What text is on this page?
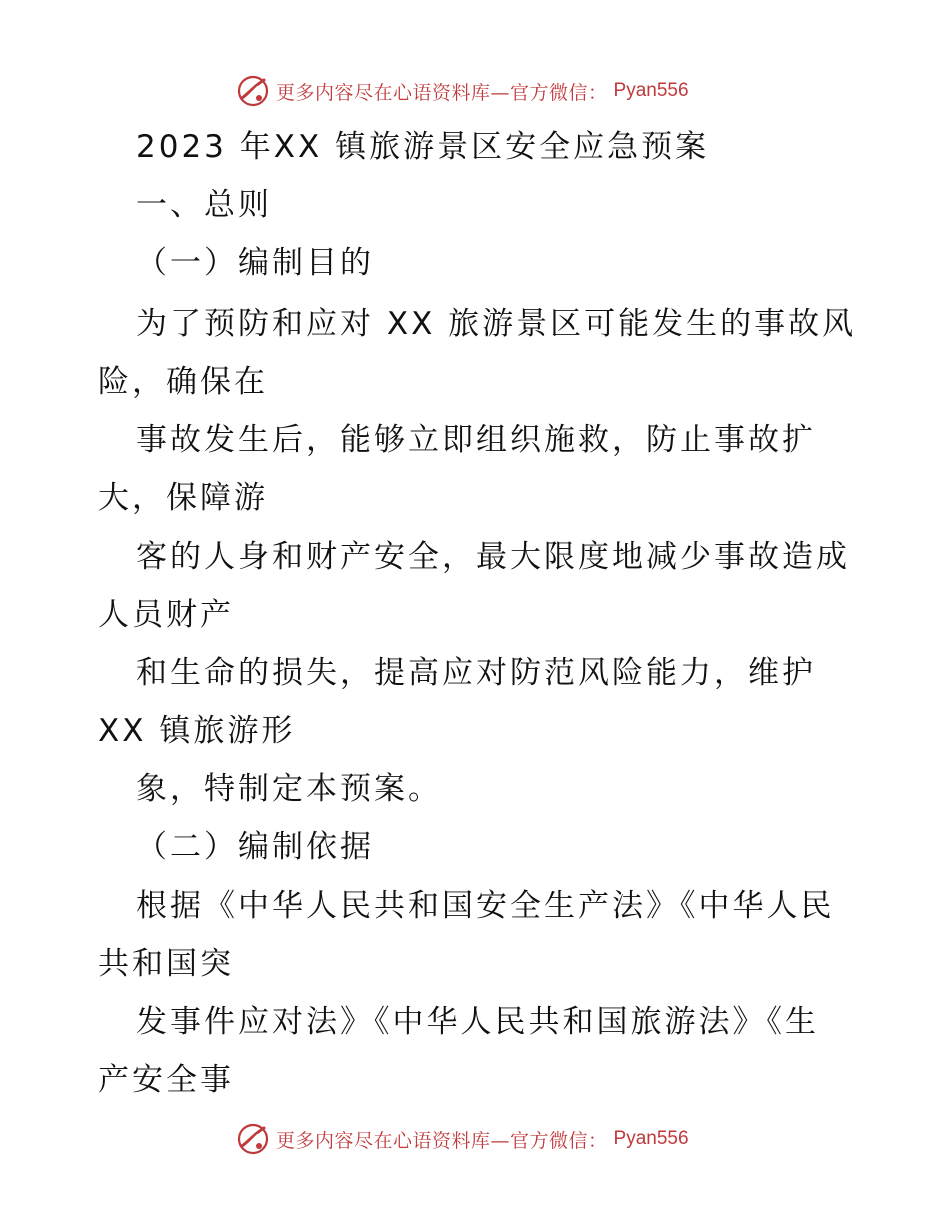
更多内容尽在心语资料库—官方微信： Pyan556
2023 年XX 镇旅游景区安全应急预案
一、总则
（一）编制目的
为了预防和应对 XX 旅游景区可能发生的事故风
险，确保在
事故发生后，能够立即组织施救，防止事故扩
大，保障游
客的人身和财产安全，最大限度地减少事故造成
人员财产
和生命的损失，提高应对防范风险能力，维护
XX 镇旅游形
象，特制定本预案。
（二）编制依据
根据《中华人民共和国安全生产法》《中华人民
共和国突
发事件应对法》《中华人民共和国旅游法》《生
产安全事
更多内容尽在心语资料库—官方微信： Pyan556
